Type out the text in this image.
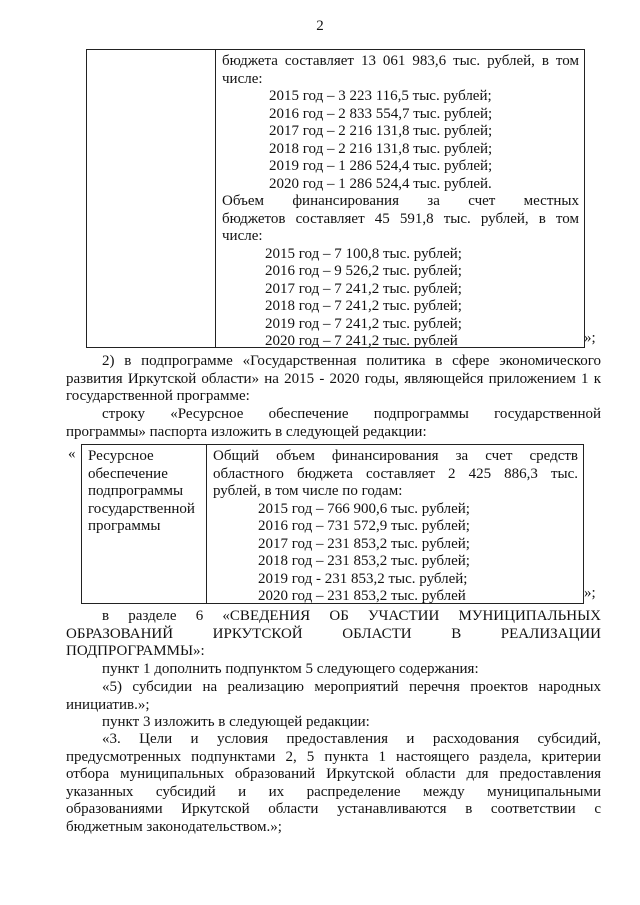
2
бюджета составляет 13 061 983,6 тыс. рублей, в том
числе:
2015 год – 3 223 116,5 тыс. рублей;
2016 год – 2 833 554,7 тыс. рублей;
2017 год – 2 216 131,8 тыс. рублей;
2018 год – 2 216 131,8 тыс. рублей;
2019 год – 1 286 524,4 тыс. рублей;
2020 год – 1 286 524,4 тыс. рублей.
Объем финансирования за счет местных
бюджетов составляет 45 591,8 тыс. рублей, в том
числе:
2015 год – 7 100,8 тыс. рублей;
2016 год – 9 526,2 тыс. рублей;
2017 год – 7 241,2 тыс. рублей;
2018 год – 7 241,2 тыс. рублей;
2019 год – 7 241,2 тыс. рублей;
2020 год – 7 241,2 тыс. рублей	»;
2) в подпрограмме «Государственная политика в сфере экономического
развития Иркутской области» на 2015 - 2020 годы, являющейся приложением 1 к
государственной программе:
строку «Ресурсное обеспечение подпрограммы государственной
программы» паспорта изложить в следующей редакции:
« Ресурсное
обеспечение
подпрограммы
государственной
программы
Общий объем финансирования за счет средств
областного бюджета составляет 2 425 886,3 тыс.
рублей, в том числе по годам:
2015 год – 766 900,6 тыс. рублей;
2016 год – 731 572,9 тыс. рублей;
2017 год – 231 853,2 тыс. рублей;
2018 год – 231 853,2 тыс. рублей;
2019 год - 231 853,2 тыс. рублей;
2020 год – 231 853,2 тыс. рублей	»;
в разделе 6 «СВЕДЕНИЯ ОБ УЧАСТИИ МУНИЦИПАЛЬНЫХ
ОБРАЗОВАНИЙ ИРКУТСКОЙ ОБЛАСТИ В РЕАЛИЗАЦИИ
ПОДПРОГРАММЫ»:
пункт 1 дополнить подпунктом 5 следующего содержания:
«5) субсидии на реализацию мероприятий перечня проектов народных
инициатив.»;
пункт 3 изложить в следующей редакции:
«3. Цели и условия предоставления и расходования субсидий,
предусмотренных подпунктами 2, 5 пункта 1 настоящего раздела, критерии
отбора муниципальных образований Иркутской области для предоставления
указанных субсидий и их распределение между муниципальными
образованиями Иркутской области устанавливаются в соответствии с
бюджетным законодательством.»;
